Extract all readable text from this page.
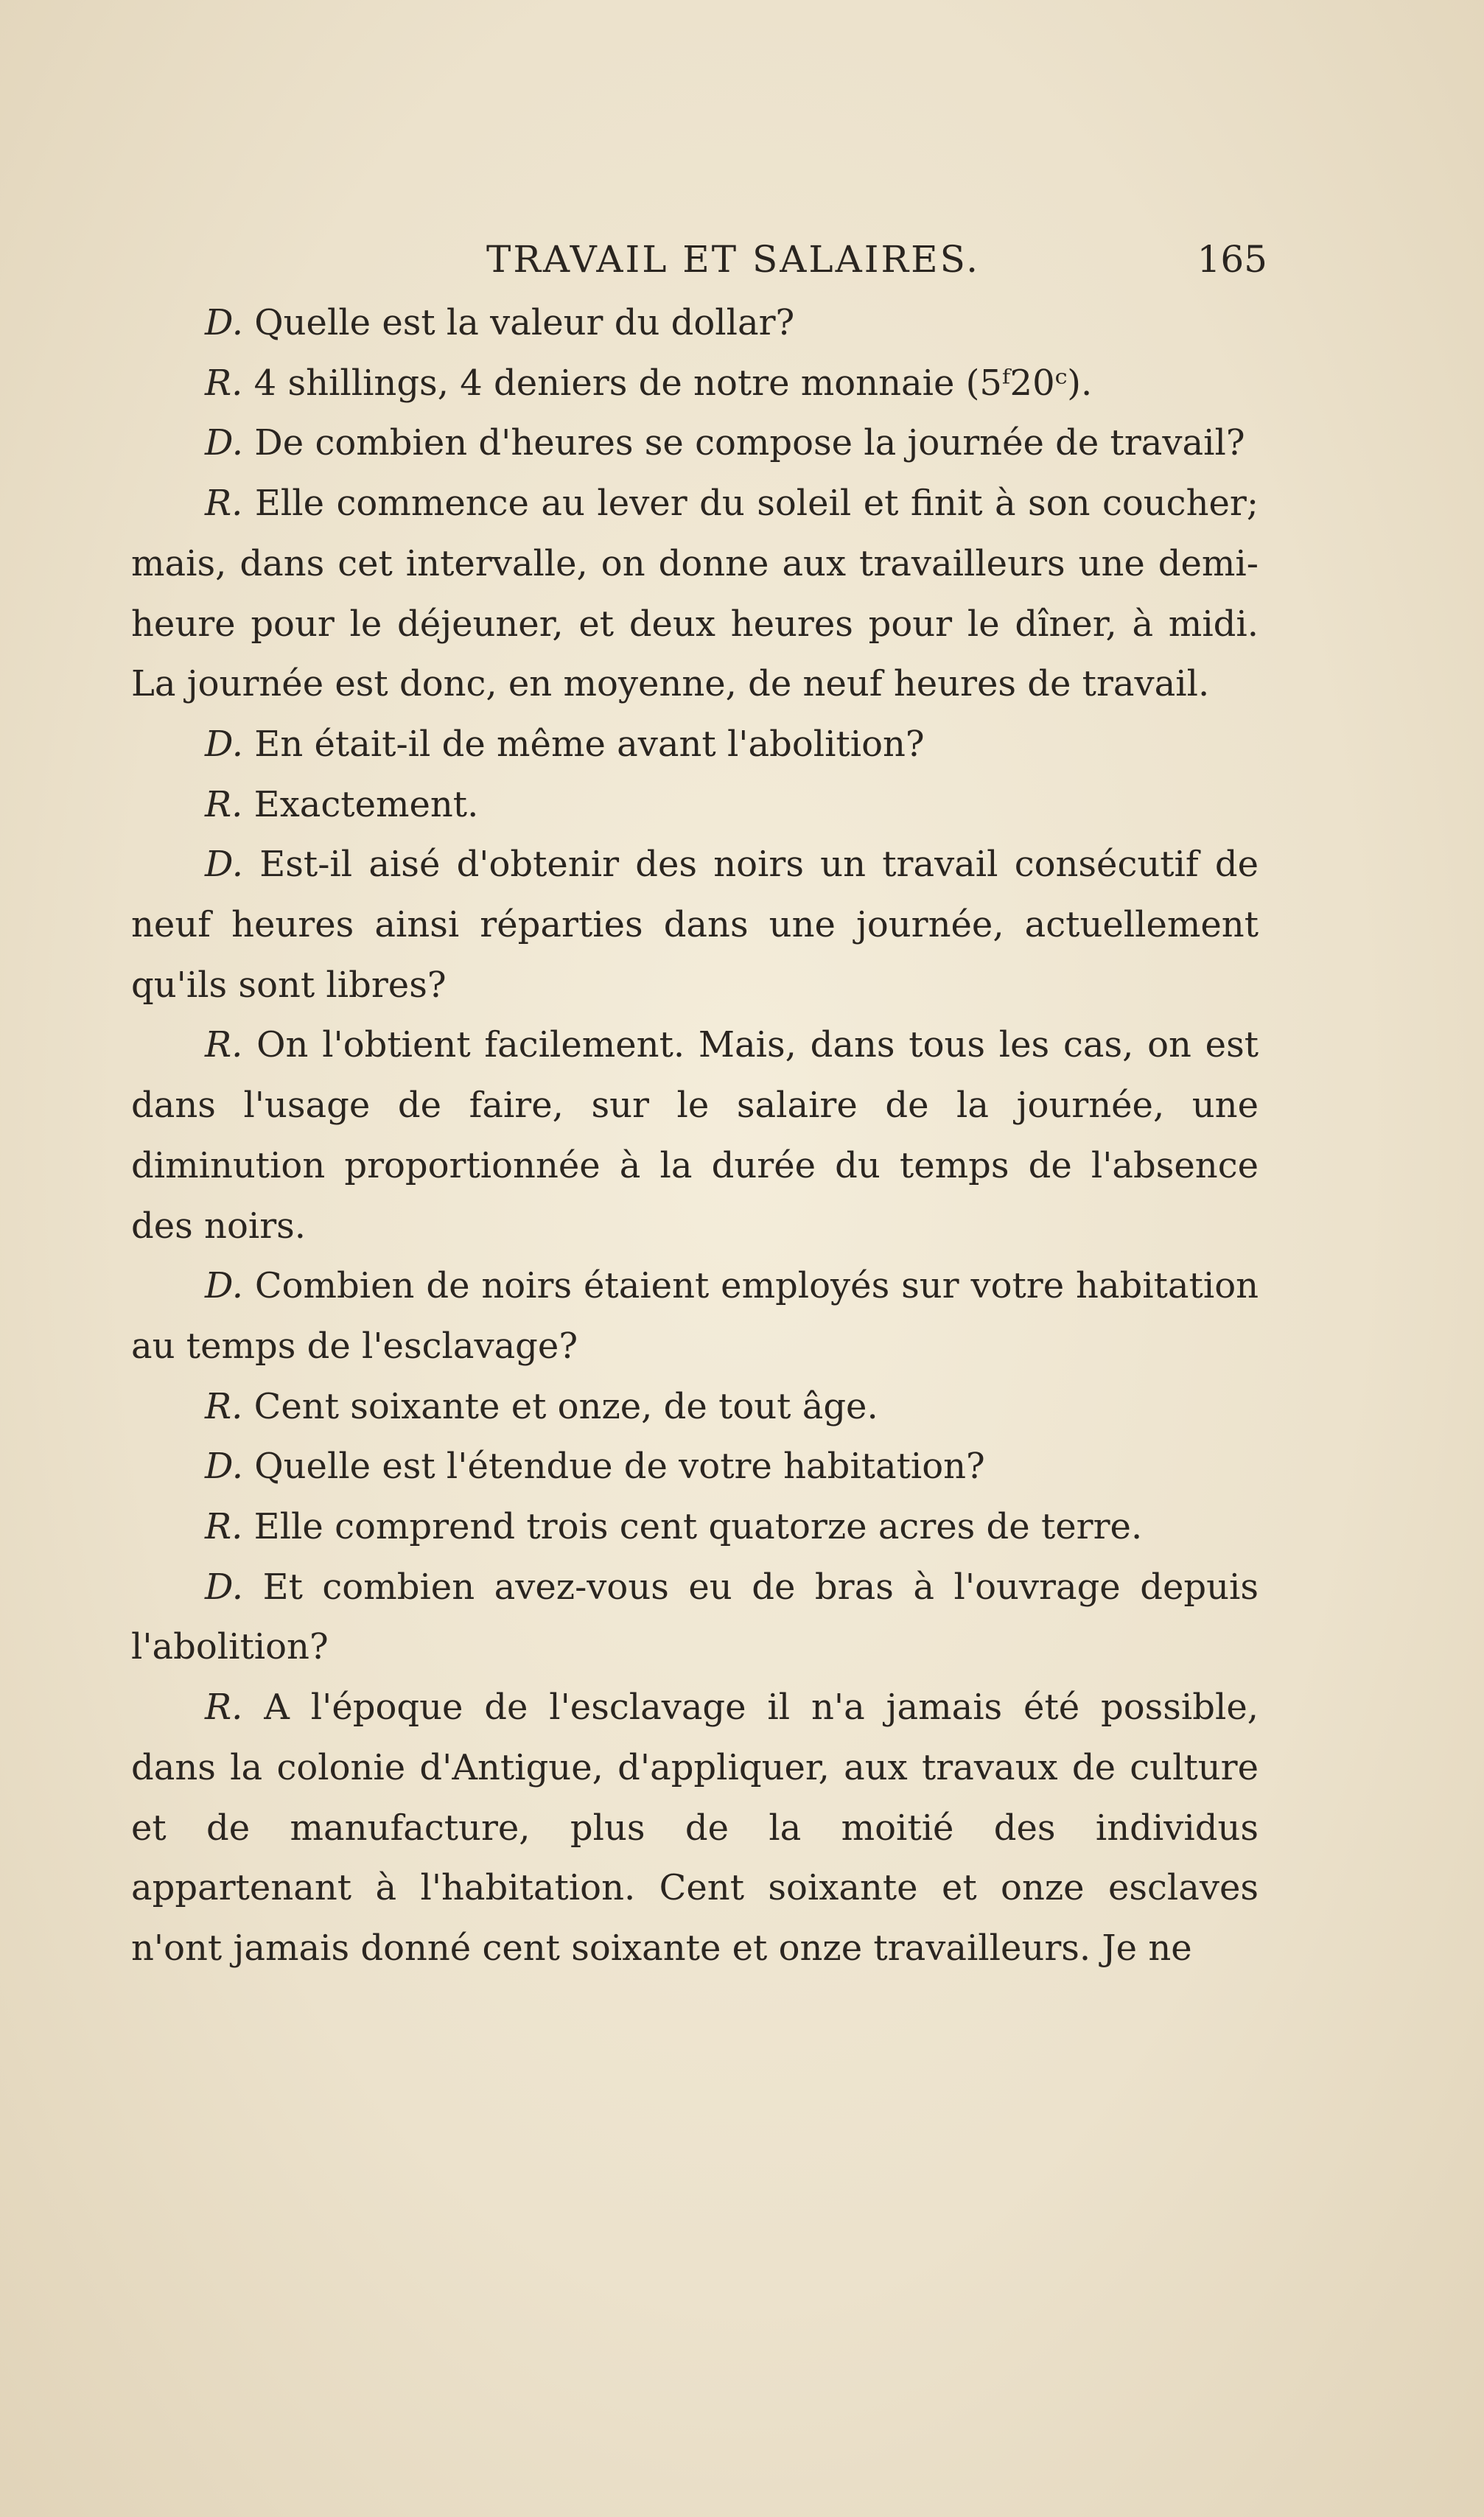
TRAVAIL ET SALAIRES.	165

D. Quelle est la valeur du dollar?

R. 4 shillings, 4 deniers de notre monnaie (5ᶠ20ᶜ).

D. De combien d'heures se compose la journée de travail?

R. Elle commence au lever du soleil et finit à son coucher; mais, dans cet intervalle, on donne aux travailleurs une demi-heure pour le déjeuner, et deux heures pour le dîner, à midi. La journée est donc, en moyenne, de neuf heures de travail.

D. En était-il de même avant l'abolition?

R. Exactement.

D. Est-il aisé d'obtenir des noirs un travail consécutif de neuf heures ainsi réparties dans une journée, actuellement qu'ils sont libres?

R. On l'obtient facilement. Mais, dans tous les cas, on est dans l'usage de faire, sur le salaire de la journée, une diminution proportionnée à la durée du temps de l'absence des noirs.

D. Combien de noirs étaient employés sur votre habitation au temps de l'esclavage?

R. Cent soixante et onze, de tout âge.

D. Quelle est l'étendue de votre habitation?

R. Elle comprend trois cent quatorze acres de terre.

D. Et combien avez-vous eu de bras à l'ouvrage depuis l'abolition?

R. A l'époque de l'esclavage il n'a jamais été possible, dans la colonie d'Antigue, d'appliquer, aux travaux de culture et de manufacture, plus de la moitié des individus appartenant à l'habitation. Cent soixante et onze esclaves n'ont jamais donné cent soixante et onze travailleurs. Je ne
